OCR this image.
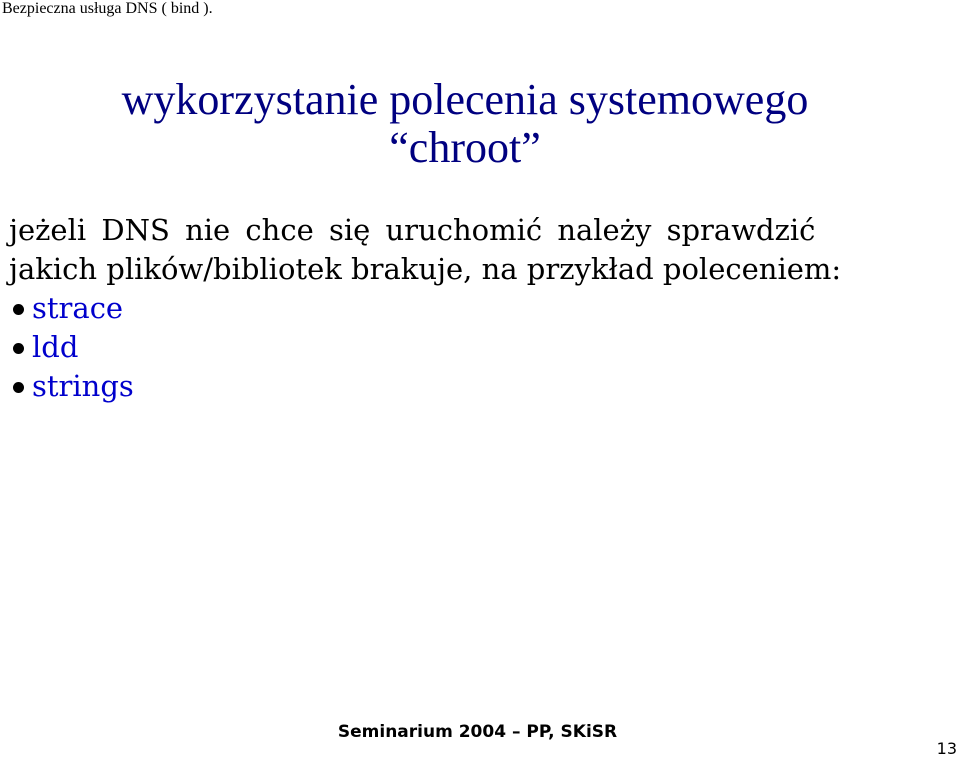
Bezpieczna usługa DNS ( bind ).
wykorzystanie polecenia systemowego
“chroot”
jeżeli DNS nie chce się uruchomić należy sprawdzić
jakich plików/bibliotek brakuje, na przykład poleceniem:
strace
ldd
strings
Seminarium 2004 – PP, SKiSR
13
